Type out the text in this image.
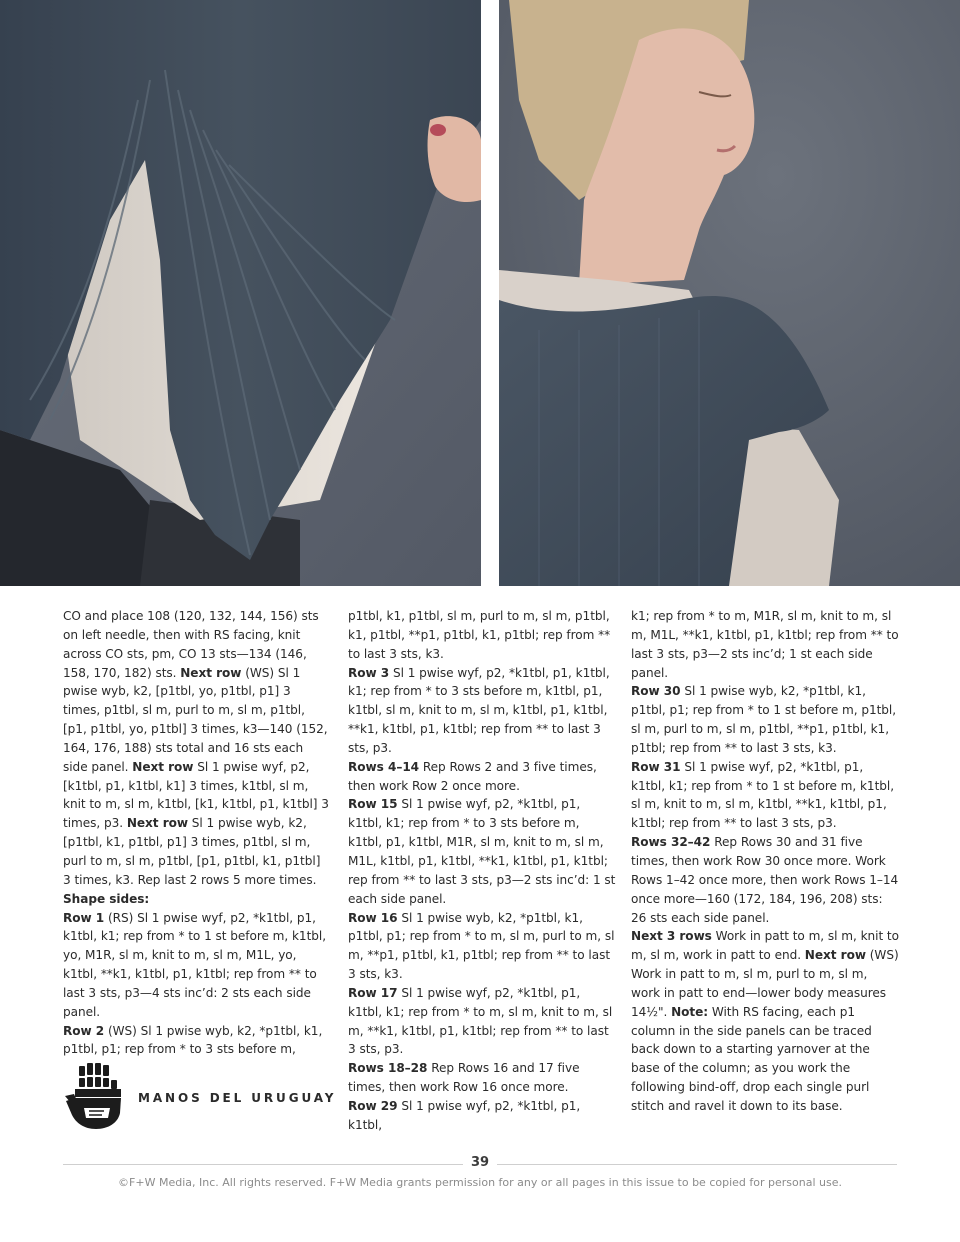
CO and place 108 (120, 132, 144, 156) sts on left needle, then with RS facing, knit across CO sts, pm, CO 13 sts—134 (146, 158, 170, 182) sts. Next row (WS) Sl 1 pwise wyb, k2, [p1tbl, yo, p1tbl, p1] 3 times, p1tbl, sl m, purl to m, sl m, p1tbl, [p1, p1tbl, yo, p1tbl] 3 times, k3—140 (152, 164, 176, 188) sts total and 16 sts each side panel. Next row Sl 1 pwise wyf, p2, [k1tbl, p1, k1tbl, k1] 3 times, k1tbl, sl m, knit to m, sl m, k1tbl, [k1, k1tbl, p1, k1tbl] 3 times, p3. Next row Sl 1 pwise wyb, k2, [p1tbl, k1, p1tbl, p1] 3 times, p1tbl, sl m, purl to m, sl m, p1tbl, [p1, p1tbl, k1, p1tbl] 3 times, k3. Rep last 2 rows 5 more times. Shape sides:

Row 1 (RS) Sl 1 pwise wyf, p2, *k1tbl, p1, k1tbl, k1; rep from * to 1 st before m, k1tbl, yo, M1R, sl m, knit to m, sl m, M1L, yo, k1tbl, **k1, k1tbl, p1, k1tbl; rep from ** to last 3 sts, p3—4 sts inc’d: 2 sts each side panel.

Row 2 (WS) Sl 1 pwise wyb, k2, *p1tbl, k1, p1tbl, p1; rep from * to 3 sts before m,

p1tbl, k1, p1tbl, sl m, purl to m, sl m, p1tbl, k1, p1tbl, **p1, p1tbl, k1, p1tbl; rep from ** to last 3 sts, k3.

Row 3 Sl 1 pwise wyf, p2, *k1tbl, p1, k1tbl, k1; rep from * to 3 sts before m, k1tbl, p1, k1tbl, sl m, knit to m, sl m, k1tbl, p1, k1tbl, **k1, k1tbl, p1, k1tbl; rep from ** to last 3 sts, p3.

Rows 4–14 Rep Rows 2 and 3 five times, then work Row 2 once more.

Row 15 Sl 1 pwise wyf, p2, *k1tbl, p1, k1tbl, k1; rep from * to 3 sts before m, k1tbl, p1, k1tbl, M1R, sl m, knit to m, sl m, M1L, k1tbl, p1, k1tbl, **k1, k1tbl, p1, k1tbl; rep from ** to last 3 sts, p3—2 sts inc’d: 1 st each side panel.

Row 16 Sl 1 pwise wyb, k2, *p1tbl, k1, p1tbl, p1; rep from * to m, sl m, purl to m, sl m, **p1, p1tbl, k1, p1tbl; rep from ** to last 3 sts, k3.

Row 17 Sl 1 pwise wyf, p2, *k1tbl, p1, k1tbl, k1; rep from * to m, sl m, knit to m, sl m, **k1, k1tbl, p1, k1tbl; rep from ** to last 3 sts, p3.

Rows 18–28 Rep Rows 16 and 17 five times, then work Row 16 once more.

Row 29 Sl 1 pwise wyf, p2, *k1tbl, p1, k1tbl,

k1; rep from * to m, M1R, sl m, knit to m, sl m, M1L, **k1, k1tbl, p1, k1tbl; rep from ** to last 3 sts, p3—2 sts inc’d; 1 st each side panel.

Row 30 Sl 1 pwise wyb, k2, *p1tbl, k1, p1tbl, p1; rep from * to 1 st before m, p1tbl, sl m, purl to m, sl m, p1tbl, **p1, p1tbl, k1, p1tbl; rep from ** to last 3 sts, k3.

Row 31 Sl 1 pwise wyf, p2, *k1tbl, p1, k1tbl, k1; rep from * to 1 st before m, k1tbl, sl m, knit to m, sl m, k1tbl, **k1, k1tbl, p1, k1tbl; rep from ** to last 3 sts, p3.

Rows 32–42 Rep Rows 30 and 31 five times, then work Row 30 once more. Work Rows 1–42 once more, then work Rows 1–14 once more—160 (172, 184, 196, 208) sts: 26 sts each side panel.

Next 3 rows Work in patt to m, sl m, knit to m, sl m, work in patt to end. Next row (WS) Work in patt to m, sl m, purl to m, sl m, work in patt to end—lower body measures 14½". Note: With RS facing, each p1 column in the side panels can be traced back down to a starting yarnover at the base of the column; as you work the following bind-off, drop each single purl stitch and ravel it down to its base.

MANOS DEL URUGUAY
39
©F+W Media, Inc. All rights reserved. F+W Media grants permission for any or all pages in this issue to be copied for personal use.
